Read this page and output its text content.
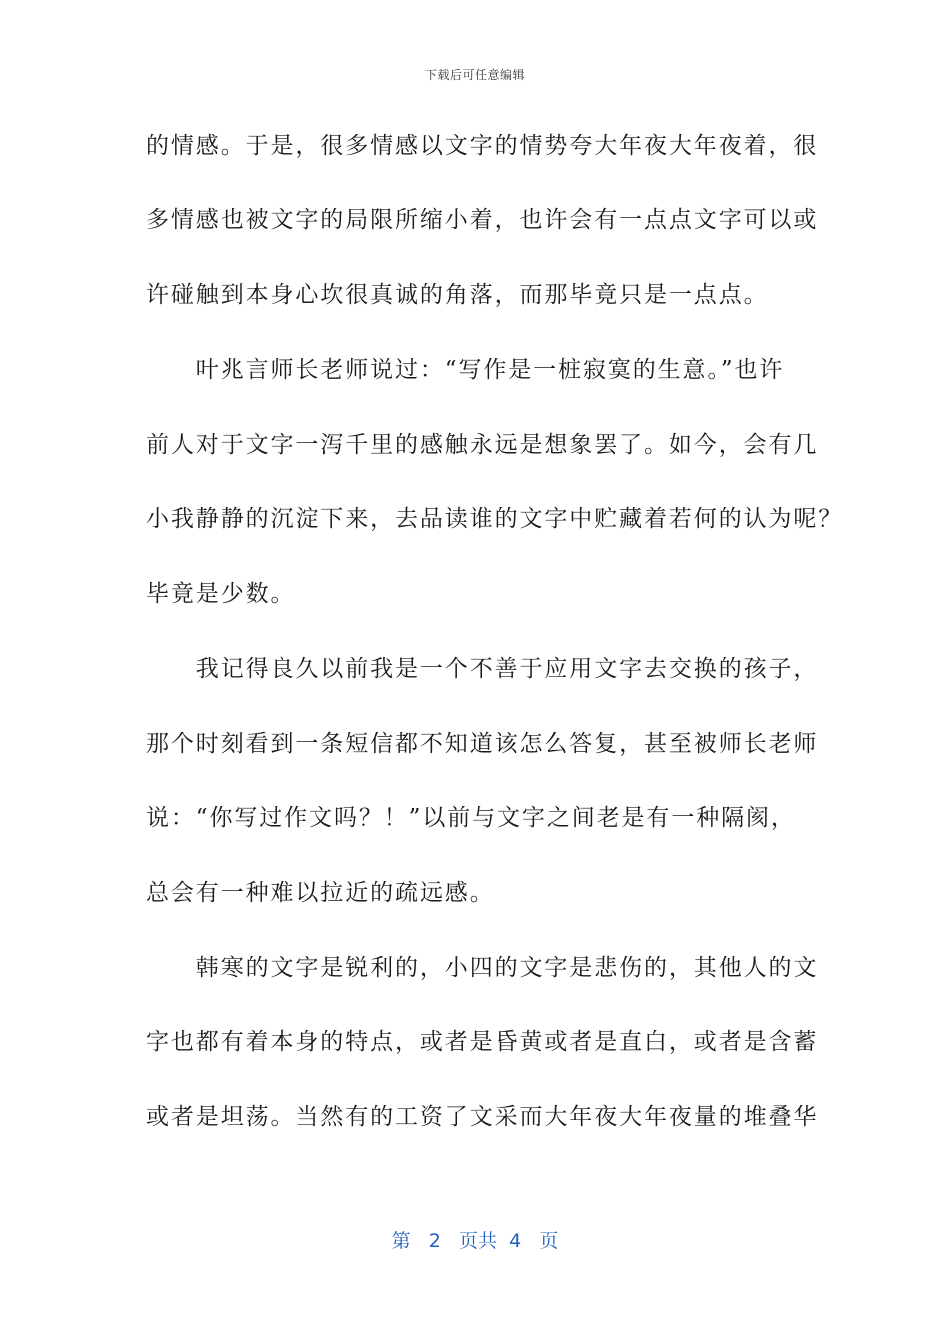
下载后可任意编辑
的情感。于是，很多情感以文字的情势夸大年夜大年夜着，很
多情感也被文字的局限所缩小着，也许会有一点点文字可以或
许碰触到本身心坎很真诚的角落，而那毕竟只是一点点。
　　叶兆言师长老师说过：“写作是一桩寂寞的生意。”也许
前人对于文字一泻千里的感触永远是想象罢了。如今，会有几
小我静静的沉淀下来，去品读谁的文字中贮藏着若何的认为呢？
毕竟是少数。
　　我记得良久以前我是一个不善于应用文字去交换的孩子，
那个时刻看到一条短信都不知道该怎么答复，甚至被师长老师
说：“你写过作文吗？！”以前与文字之间老是有一种隔阂，
总会有一种难以拉近的疏远感。
　　韩寒的文字是锐利的，小四的文字是悲伤的，其他人的文
字也都有着本身的特点，或者是昏黄或者是直白，或者是含蓄
或者是坦荡。当然有的工资了文采而大年夜大年夜量的堆叠华
第 2 页共 4 页
